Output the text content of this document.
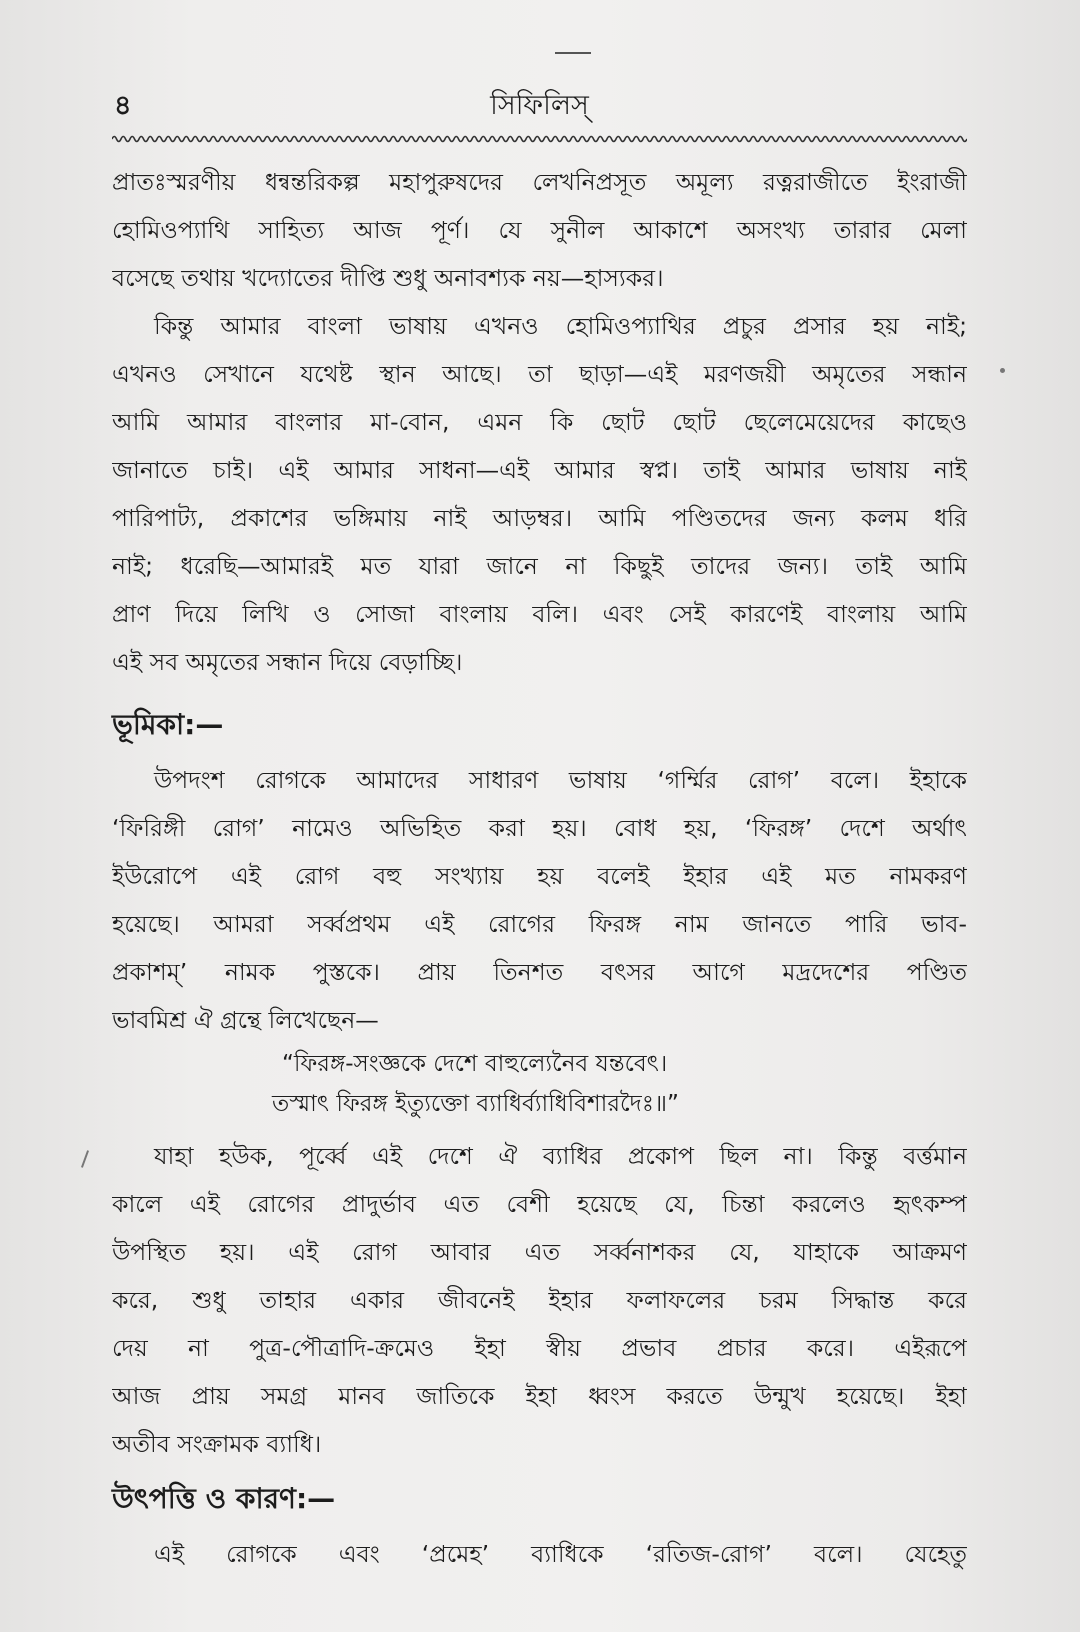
৪	সিফিলিস্
প্রাতঃস্মরণীয় ধন্বন্তরিকল্প মহাপুরুষদের লেখনিপ্রসূত অমূল্য রত্নরাজীতে ইংরাজী
হোমিওপ্যাথি সাহিত্য আজ পূর্ণ। যে সুনীল আকাশে অসংখ্য তারার মেলা
বসেছে তথায় খদ্যোতের দীপ্তি শুধু অনাবশ্যক নয়—হাস্যকর।
কিন্তু আমার বাংলা ভাষায় এখনও হোমিওপ্যাথির প্রচুর প্রসার হয় নাই;
এখনও সেখানে যথেষ্ট স্থান আছে। তা ছাড়া—এই মরণজয়ী অমৃতের সন্ধান
আমি আমার বাংলার মা-বোন, এমন কি ছোট ছোট ছেলেমেয়েদের কাছেও
জানাতে চাই। এই আমার সাধনা—এই আমার স্বপ্ন। তাই আমার ভাষায় নাই
পারিপাট্য, প্রকাশের ভঙ্গিমায় নাই আড়ম্বর। আমি পণ্ডিতদের জন্য কলম ধরি
নাই; ধরেছি—আমারই মত যারা জানে না কিছুই তাদের জন্য। তাই আমি
প্রাণ দিয়ে লিখি ও সোজা বাংলায় বলি। এবং সেই কারণেই বাংলায় আমি
এই সব অমৃতের সন্ধান দিয়ে বেড়াচ্ছি।
ভূমিকা:—
উপদংশ রোগকে আমাদের সাধারণ ভাষায় ‘গর্ম্মির রোগ’ বলে। ইহাকে
‘ফিরিঙ্গী রোগ’ নামেও অভিহিত করা হয়। বোধ হয়, ‘ফিরঙ্গ’ দেশে অর্থাৎ
ইউরোপে এই রোগ বহু সংখ্যায় হয় বলেই ইহার এই মত নামকরণ
হয়েছে। আমরা সর্ব্বপ্রথম এই রোগের ফিরঙ্গ নাম জানতে পারি ভাব-
প্রকাশম্’ নামক পুস্তকে। প্রায় তিনশত বৎসর আগে মদ্রদেশের পণ্ডিত
ভাবমিশ্র ঐ গ্রন্থে লিখেছেন—
“ফিরঙ্গ-সংজ্ঞকে দেশে বাহুল্যেনৈব যন্তবেৎ।
তস্মাৎ ফিরঙ্গ ইত্যুক্তো ব্যাধির্ব্যাধিবিশারদৈঃ॥”
যাহা হউক, পূর্ব্বে এই দেশে ঐ ব্যাধির প্রকোপ ছিল না। কিন্তু বর্ত্তমান
কালে এই রোগের প্রাদুর্ভাব এত বেশী হয়েছে যে, চিন্তা করলেও হৃৎকম্প
উপস্থিত হয়। এই রোগ আবার এত সর্ব্বনাশকর যে, যাহাকে আক্রমণ
করে, শুধু তাহার একার জীবনেই ইহার ফলাফলের চরম সিদ্ধান্ত করে
দেয় না পুত্র-পৌত্রাদি-ক্রমেও ইহা স্বীয় প্রভাব প্রচার করে। এইরূপে
আজ প্রায় সমগ্র মানব জাতিকে ইহা ধ্বংস করতে উন্মুখ হয়েছে। ইহা
অতীব সংক্রামক ব্যাধি।
উৎপত্তি ও কারণ:—
এই রোগকে এবং ‘প্রমেহ’ ব্যাধিকে ‘রতিজ-রোগ’ বলে। যেহেতু
